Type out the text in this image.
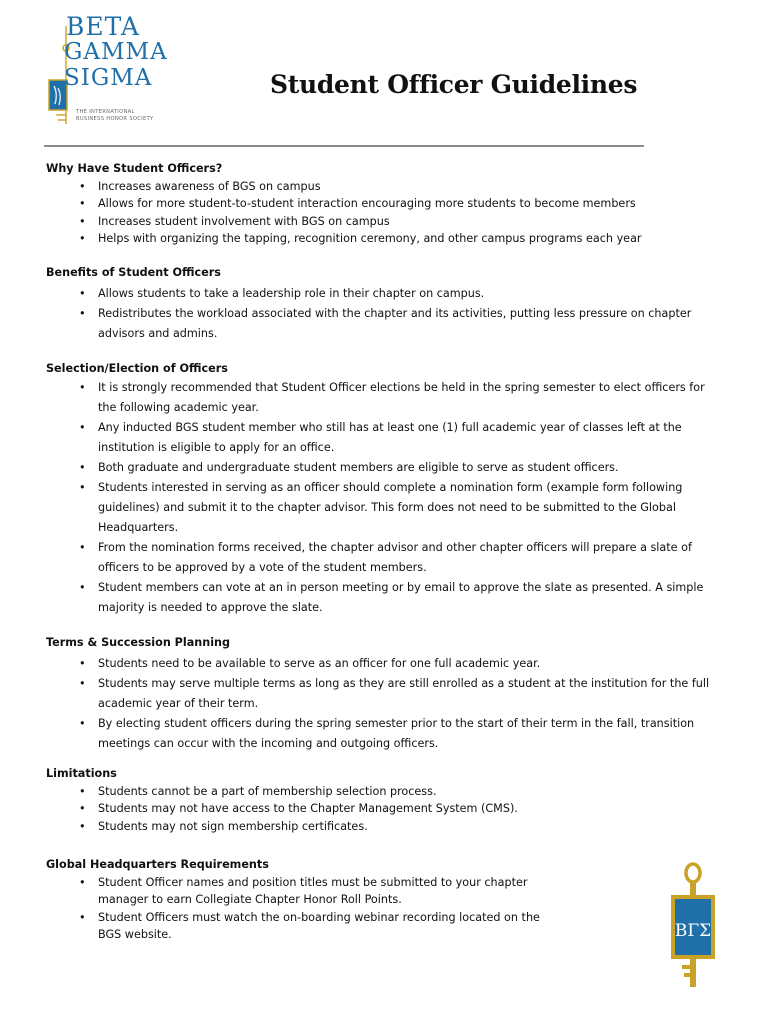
BETA
GAMMA
SIGMA
THE INTERNATIONAL
BUSINESS HONOR SOCIETY
Student Officer Guidelines
Why Have Student Officers?
• Increases awareness of BGS on campus
• Allows for more student-to-student interaction encouraging more students to become members
• Increases student involvement with BGS on campus
• Helps with organizing the tapping, recognition ceremony, and other campus programs each year
Benefits of Student Officers
• Allows students to take a leadership role in their chapter on campus.
• Redistributes the workload associated with the chapter and its activities, putting less pressure on chapter advisors and admins.
Selection/Election of Officers
• It is strongly recommended that Student Officer elections be held in the spring semester to elect officers for the following academic year.
• Any inducted BGS student member who still has at least one (1) full academic year of classes left at the institution is eligible to apply for an office.
• Both graduate and undergraduate student members are eligible to serve as student officers.
• Students interested in serving as an officer should complete a nomination form (example form following guidelines) and submit it to the chapter advisor. This form does not need to be submitted to the Global Headquarters.
• From the nomination forms received, the chapter advisor and other chapter officers will prepare a slate of officers to be approved by a vote of the student members.
• Student members can vote at an in person meeting or by email to approve the slate as presented. A simple majority is needed to approve the slate.
Terms & Succession Planning
• Students need to be available to serve as an officer for one full academic year.
• Students may serve multiple terms as long as they are still enrolled as a student at the institution for the full academic year of their term.
• By electing student officers during the spring semester prior to the start of their term in the fall, transition meetings can occur with the incoming and outgoing officers.
Limitations
• Students cannot be a part of membership selection process.
• Students may not have access to the Chapter Management System (CMS).
• Students may not sign membership certificates.
Global Headquarters Requirements
• Student Officer names and position titles must be submitted to your chapter manager to earn Collegiate Chapter Honor Roll Points.
• Student Officers must watch the on-boarding webinar recording located on the BGS website.	ΒΓΣ
